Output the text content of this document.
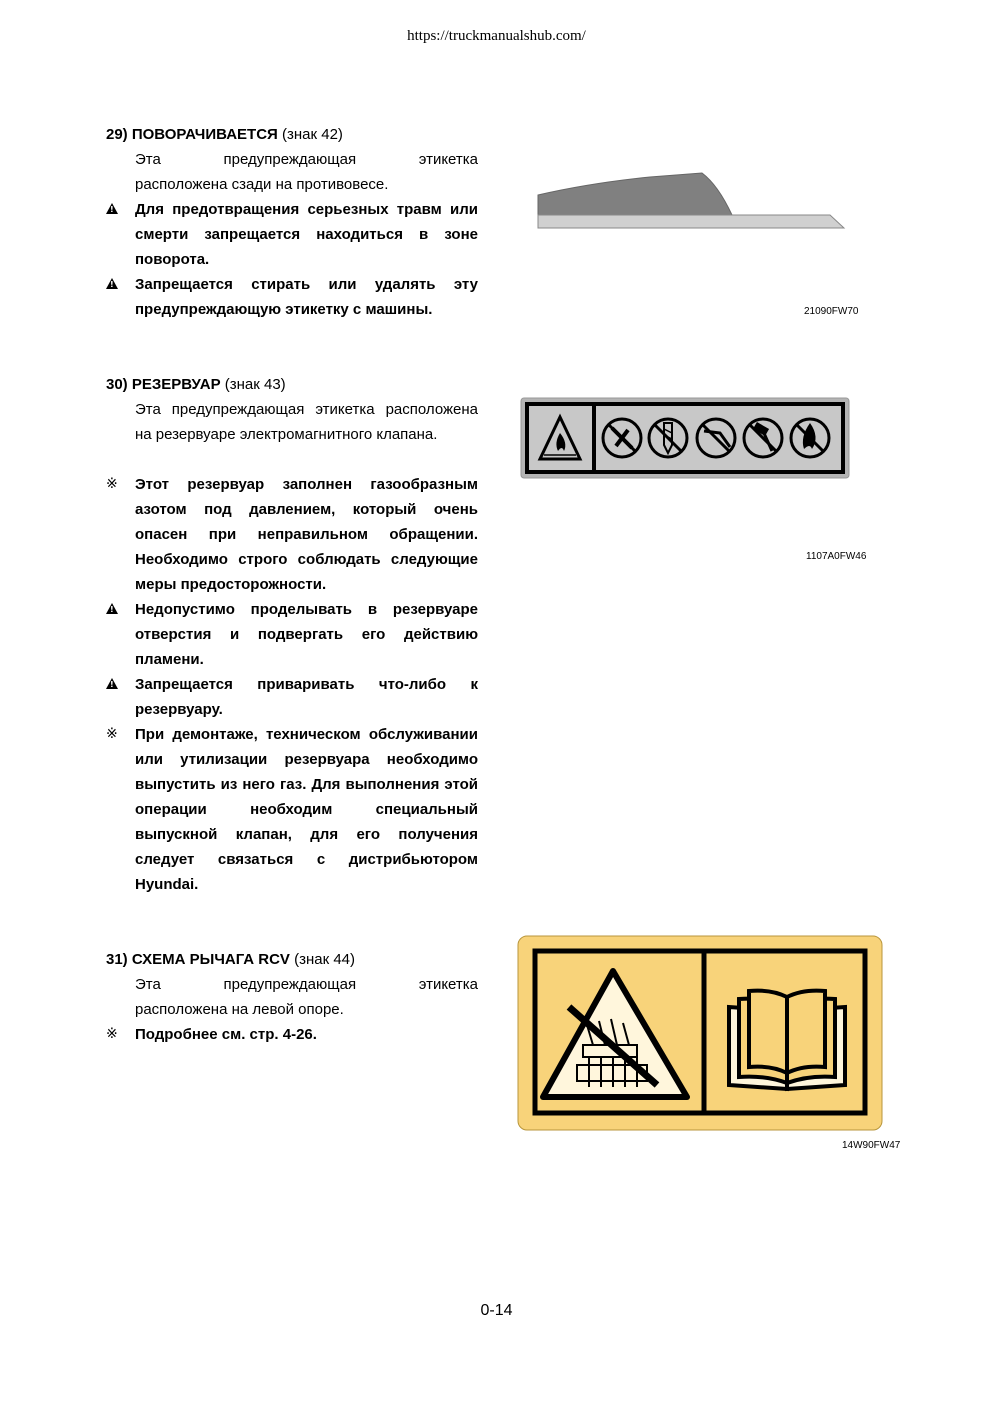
https://truckmanualshub.com/
29) ПОВОРАЧИВАЕТСЯ (знак 42)
Эта предупреждающая этикетка
расположена сзади на противовесе.
!
Для предотвращения серьезных травм или смерти запрещается находиться в зоне поворота.
!
Запрещается стирать или удалять эту предупреждающую этикетку с машины.	21090FW70
30) РЕЗЕРВУАР (знак 43)
Эта предупреждающая этикетка расположена на резервуаре электромагнитного клапана.
※	Этот резервуар заполнен газообразным азотом под давлением, который очень опасен при неправильном обращении. Необходимо строго соблюдать следующие меры предосторожности.
!
Недопустимо проделывать в резервуаре отверстия и подвергать его действию пламени.
!
Запрещается приваривать что-либо к резервуару.
※	При демонтаже, техническом обслуживании или утилизации резервуара необходимо выпустить из него газ. Для выполнения этой операции необходим специальный выпускной клапан, для его получения следует связаться с дистрибьютором Hyundai.
1107A0FW46
31) СХЕМА РЫЧАГА RCV (знак 44)
Эта предупреждающая этикетка
расположена на левой опоре.
※	Подробнее см. стр. 4-26.
14W90FW47
0-14
